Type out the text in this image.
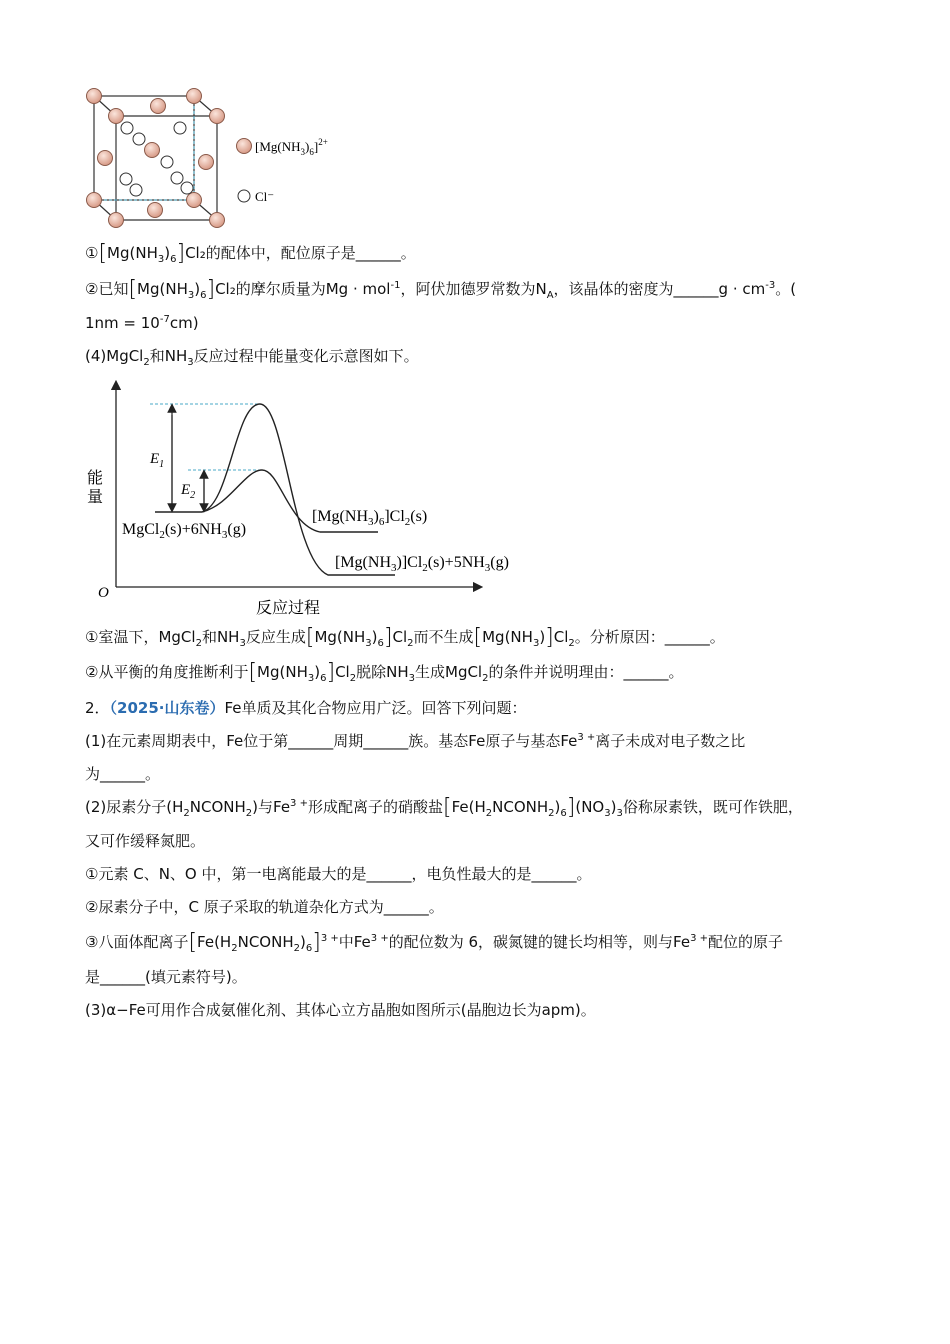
$[Mg(NH_3)_6]^{2+}$
Cl⁻
$①[Mg(NH_3)_6]Cl_2$的配体中，配位原子是______。
②已知$[Mg(NH_3)_6]Cl_2$的摩尔质量为Mg · mol$^{-1}$，阿伏加德罗常数为$N_A$，该晶体的密度为______g · $cm^{-3}$。(
$1nm = 10^{-7}cm$)
(4)MgCl$_2$和$NH_3$反应过程中能量变化示意图如下。
O
能
量
反应过程
$E_1$
$E_2$
$MgCl_2(s)+6NH_3(g)$
$[Mg(NH_3)_6]Cl_2(s)$
$[Mg(NH_3)]Cl_2(s)+5NH_3(g)$
①室温下，MgCl$_2$和$NH_3$反应生成$[Mg(NH_3)_6]Cl_2$而不生成$[Mg(NH_3)]Cl_2$。分析原因：______。
②从平衡的角度推断利于$[Mg(NH_3)_6]Cl_2$脱除$NH_3$生成MgCl$_2$的条件并说明理由：______。
2．（2025·山东卷）Fe单质及其化合物应用广泛。回答下列问题：
(1)在元素周期表中，Fe位于第______周期______族。基态Fe原子与基态$Fe^{3 +}$离子未成对电子数之比
为______。
(2)尿素分子$(H_2NCONH_2)$与$Fe^{3 +}$形成配离子的硝酸盐$[Fe(H_2NCONH_2)_6](NO_3)_3$俗称尿素铁，既可作铁肥，
又可作缓释氮肥。
①元素 C、N、O 中，第一电离能最大的是______，电负性最大的是______。
②尿素分子中，C 原子采取的轨道杂化方式为______。
③八面体配离子$[Fe(H_2NCONH_2)_6]^{3 +}$中$Fe^{3 +}$的配位数为 6，碳氮键的键长均相等，则与$Fe^{3 +}$配位的原子
是______(填元素符号)。
(3)α−Fe可用作合成氨催化剂、其体心立方晶胞如图所示(晶胞边长为apm)。
